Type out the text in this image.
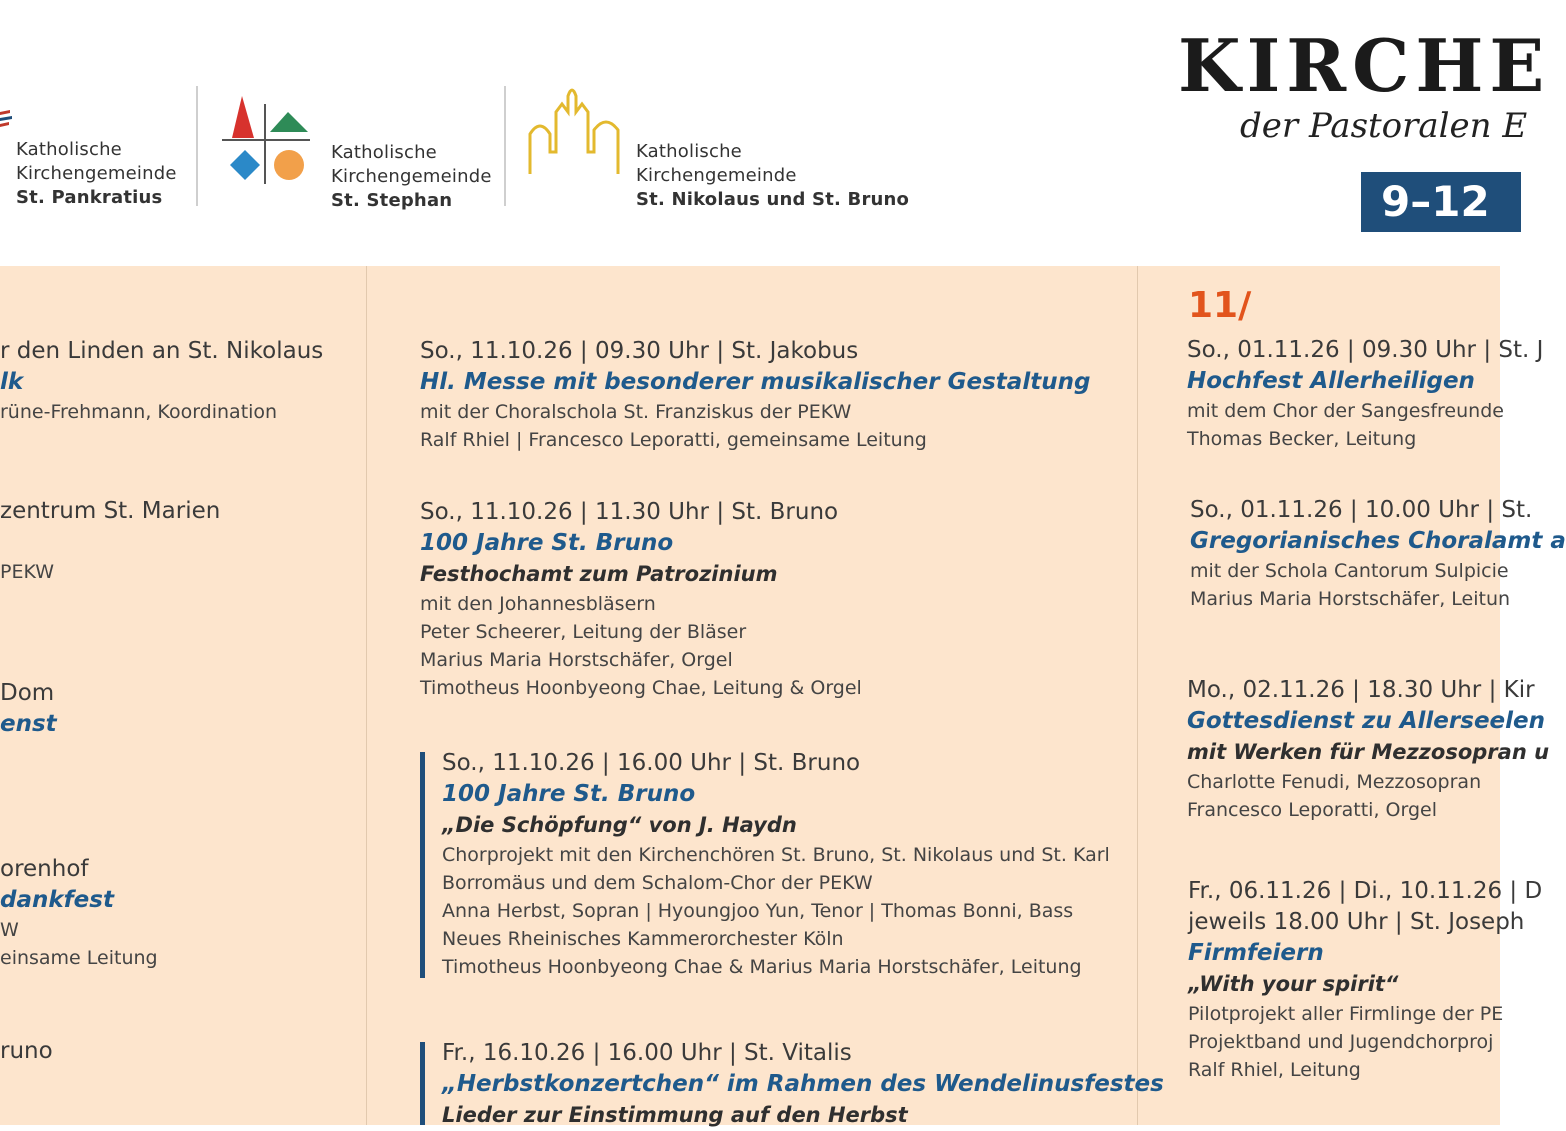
Katholische
Kirchengemeinde
St. Pankratius
Katholische
Kirchengemeinde
St. Stephan
Katholische
Kirchengemeinde
St. Nikolaus und St. Bruno
KIRCHE
der Pastoralen E
9–12
r den Linden an St. Nikolaus
lk
rüne-Frehmann, Koordination
zentrum St. Marien

PEKW
Dom
enst
orenhof
dankfest
W
einsame Leitung
runo
So., 11.10.26 | 09.30 Uhr | St. Jakobus
Hl. Messe mit besonderer musikalischer Gestaltung
mit der Choralschola St. Franziskus der PEKW
Ralf Rhiel | Francesco Leporatti, gemeinsame Leitung
So., 11.10.26 | 11.30 Uhr | St. Bruno
100 Jahre St. Bruno
Festhochamt zum Patrozinium
mit den Johannesbläsern
Peter Scheerer, Leitung der Bläser
Marius Maria Horstschäfer, Orgel
Timotheus Hoonbyeong Chae, Leitung & Orgel
So., 11.10.26 | 16.00 Uhr | St. Bruno
100 Jahre St. Bruno
„Die Schöpfung“ von J. Haydn
Chorprojekt mit den Kirchenchören St. Bruno, St. Nikolaus und St. Karl
Borromäus und dem Schalom-Chor der PEKW
Anna Herbst, Sopran | Hyoungjoo Yun, Tenor | Thomas Bonni, Bass
Neues Rheinisches Kammerorchester Köln
Timotheus Hoonbyeong Chae & Marius Maria Horstschäfer, Leitung
Fr., 16.10.26 | 16.00 Uhr | St. Vitalis
„Herbstkonzertchen“ im Rahmen des Wendelinusfestes
Lieder zur Einstimmung auf den Herbst
11/
So., 01.11.26 | 09.30 Uhr | St. J
Hochfest Allerheiligen
mit dem Chor der Sangesfreunde
Thomas Becker, Leitung
So., 01.11.26 | 10.00 Uhr | St.
Gregorianisches Choralamt a
mit der Schola Cantorum Sulpicie
Marius Maria Horstschäfer, Leitun
Mo., 02.11.26 | 18.30 Uhr | Kir
Gottesdienst zu Allerseelen
mit Werken für Mezzosopran u
Charlotte Fenudi, Mezzosopran
Francesco Leporatti, Orgel
Fr., 06.11.26 | Di., 10.11.26 | D
jeweils 18.00 Uhr | St. Joseph
Firmfeiern
„With your spirit“
Pilotprojekt aller Firmlinge der PE
Projektband und Jugendchorproj
Ralf Rhiel, Leitung
